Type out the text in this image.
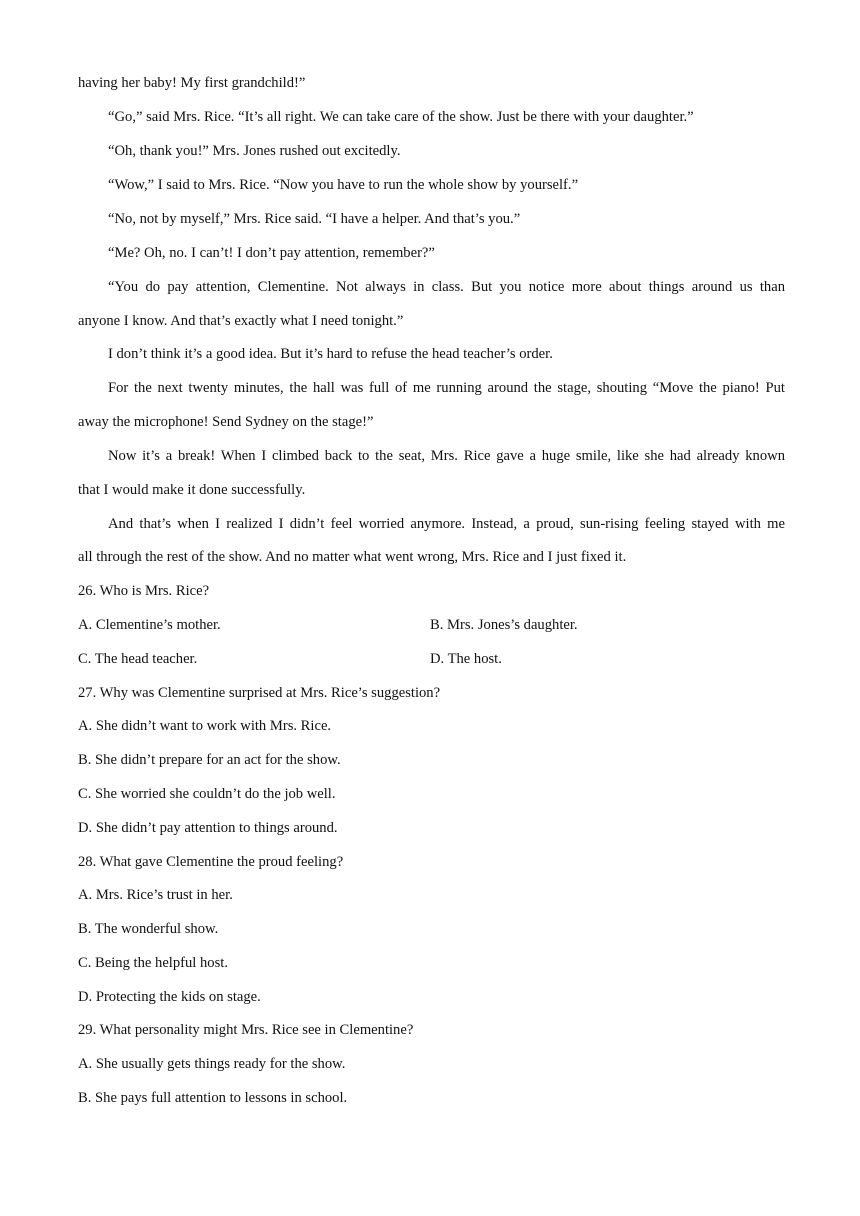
having her baby! My first grandchild!”
“Go,” said Mrs. Rice. “It’s all right. We can take care of the show. Just be there with your daughter.”
“Oh, thank you!” Mrs. Jones rushed out excitedly.
“Wow,” I said to Mrs. Rice. “Now you have to run the whole show by yourself.”
“No, not by myself,” Mrs. Rice said. “I have a helper. And that’s you.”
“Me? Oh, no. I can’t! I don’t pay attention, remember?”
“You do pay attention, Clementine. Not always in class. But you notice more about things around us than
anyone I know. And that’s exactly what I need tonight.”
I don’t think it’s a good idea. But it’s hard to refuse the head teacher’s order.
For the next twenty minutes, the hall was full of me running around the stage, shouting “Move the piano! Put
away the microphone! Send Sydney on the stage!”
Now it’s a break! When I climbed back to the seat, Mrs. Rice gave a huge smile, like she had already known
that I would make it done successfully.
And that’s when I realized I didn’t feel worried anymore. Instead, a proud, sun-rising feeling stayed with me
all through the rest of the show. And no matter what went wrong, Mrs. Rice and I just fixed it.
26. Who is Mrs. Rice?
A. Clementine’s mother.	B. Mrs. Jones’s daughter.
C. The head teacher.	D. The host.
27. Why was Clementine surprised at Mrs. Rice’s suggestion?
A. She didn’t want to work with Mrs. Rice.
B. She didn’t prepare for an act for the show.
C. She worried she couldn’t do the job well.
D. She didn’t pay attention to things around.
28. What gave Clementine the proud feeling?
A. Mrs. Rice’s trust in her.
B. The wonderful show.
C. Being the helpful host.
D. Protecting the kids on stage.
29. What personality might Mrs. Rice see in Clementine?
A. She usually gets things ready for the show.
B. She pays full attention to lessons in school.
